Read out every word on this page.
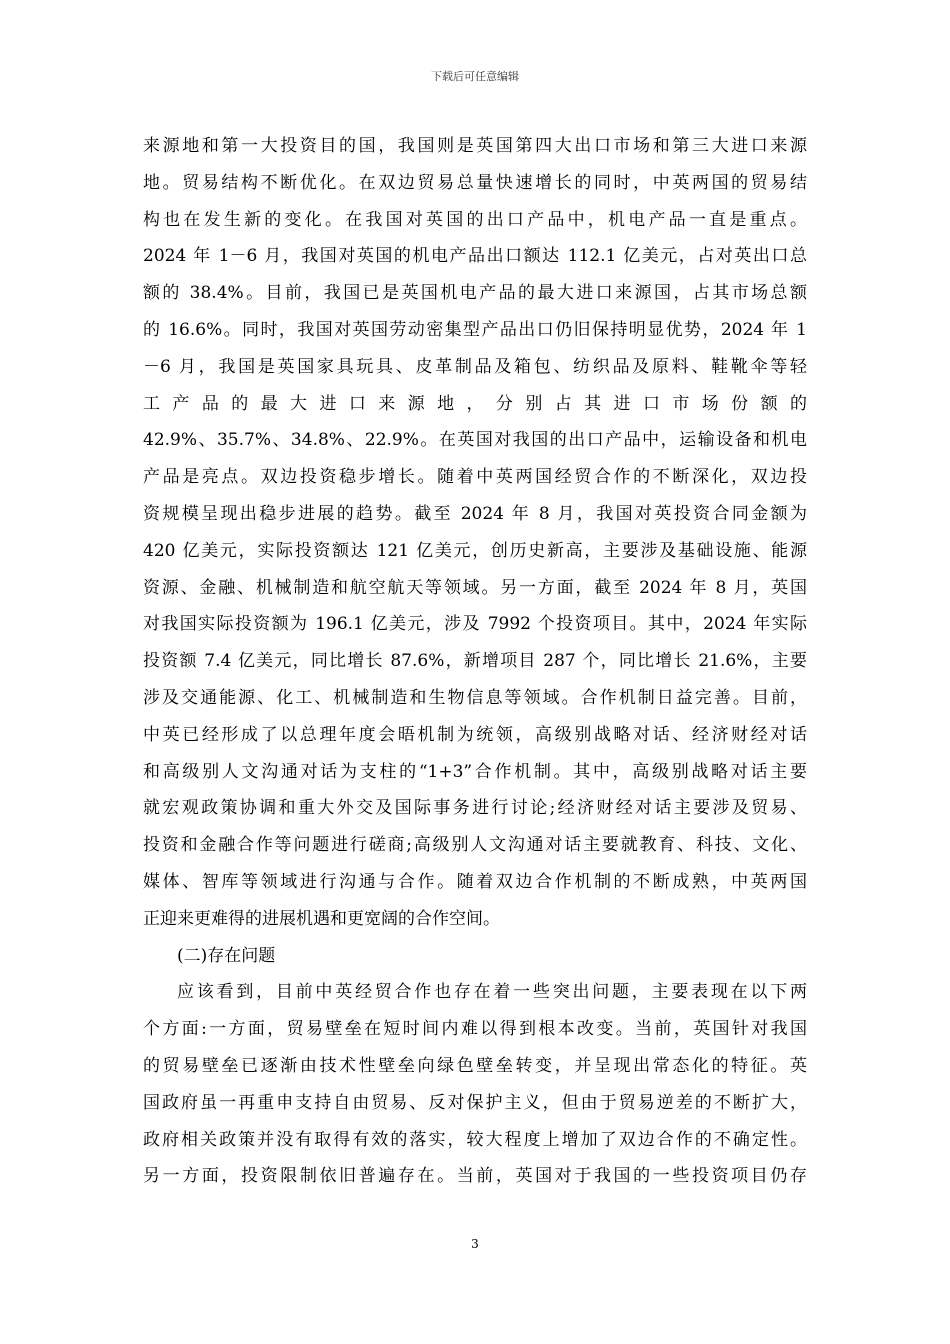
下载后可任意编辑
来源地和第一大投资目的国，我国则是英国第四大出口市场和第三大进口来源
地。贸易结构不断优化。在双边贸易总量快速增长的同时，中英两国的贸易结
构也在发生新的变化。在我国对英国的出口产品中，机电产品一直是重点。
2024 年 1－6 月，我国对英国的机电产品出口额达 112.1 亿美元，占对英出口总
额的 38.4%。目前，我国已是英国机电产品的最大进口来源国，占其市场总额
的 16.6%。同时，我国对英国劳动密集型产品出口仍旧保持明显优势，2024 年 1
－6 月，我国是英国家具玩具、皮革制品及箱包、纺织品及原料、鞋靴伞等轻
工 产 品 的 最 大 进 口 来 源 地 ， 分 别 占 其 进 口 市 场 份 额 的
42.9%、35.7%、34.8%、22.9%。在英国对我国的出口产品中，运输设备和机电
产品是亮点。双边投资稳步增长。随着中英两国经贸合作的不断深化，双边投
资规模呈现出稳步进展的趋势。截至 2024 年 8 月，我国对英投资合同金额为
420 亿美元，实际投资额达 121 亿美元，创历史新高，主要涉及基础设施、能源
资源、金融、机械制造和航空航天等领域。另一方面，截至 2024 年 8 月，英国
对我国实际投资额为 196.1 亿美元，涉及 7992 个投资项目。其中，2024 年实际
投资额 7.4 亿美元，同比增长 87.6%，新增项目 287 个，同比增长 21.6%，主要
涉及交通能源、化工、机械制造和生物信息等领域。合作机制日益完善。目前，
中英已经形成了以总理年度会晤机制为统领，高级别战略对话、经济财经对话
和高级别人文沟通对话为支柱的“1+3”合作机制。其中，高级别战略对话主要
就宏观政策协调和重大外交及国际事务进行讨论;经济财经对话主要涉及贸易、
投资和金融合作等问题进行磋商;高级别人文沟通对话主要就教育、科技、文化、
媒体、智库等领域进行沟通与合作。随着双边合作机制的不断成熟，中英两国
正迎来更难得的进展机遇和更宽阔的合作空间。
(二)存在问题
应该看到，目前中英经贸合作也存在着一些突出问题，主要表现在以下两
个方面:一方面，贸易壁垒在短时间内难以得到根本改变。当前，英国针对我国
的贸易壁垒已逐渐由技术性壁垒向绿色壁垒转变，并呈现出常态化的特征。英
国政府虽一再重申支持自由贸易、反对保护主义，但由于贸易逆差的不断扩大，
政府相关政策并没有取得有效的落实，较大程度上增加了双边合作的不确定性。
另一方面，投资限制依旧普遍存在。当前，英国对于我国的一些投资项目仍存
3
